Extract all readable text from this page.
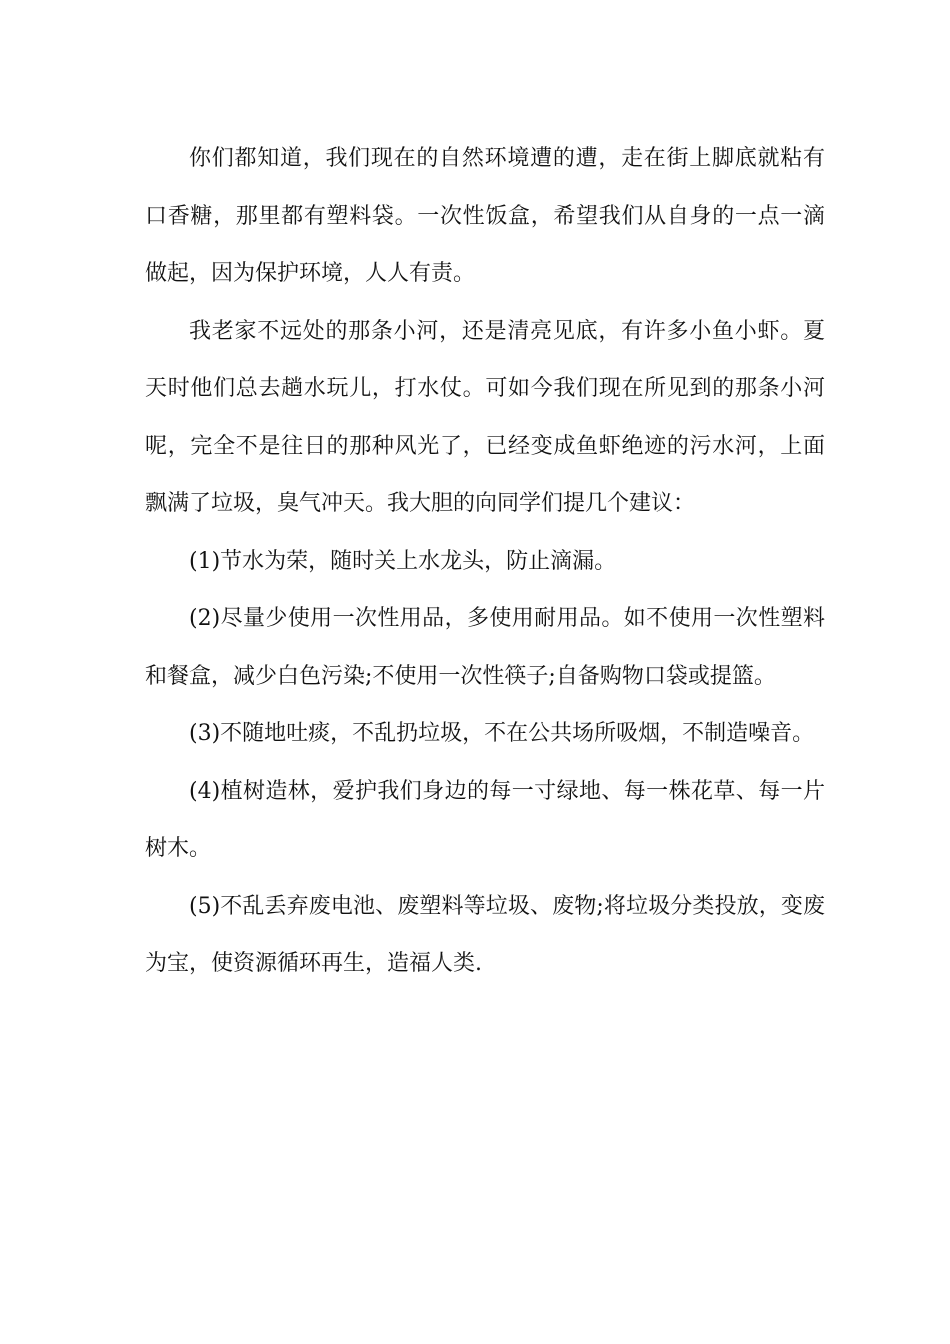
你们都知道，我们现在的自然环境遭的遭，走在街上脚底就粘有口香糖，那里都有塑料袋。一次性饭盒，希望我们从自身的一点一滴做起，因为保护环境，人人有责。

我老家不远处的那条小河，还是清亮见底，有许多小鱼小虾。夏天时他们总去趟水玩儿，打水仗。可如今我们现在所见到的那条小河呢，完全不是往日的那种风光了，已经变成鱼虾绝迹的污水河，上面飘满了垃圾，臭气冲天。我大胆的向同学们提几个建议：

(1)节水为荣，随时关上水龙头，防止滴漏。

(2)尽量少使用一次性用品，多使用耐用品。如不使用一次性塑料和餐盒，减少白色污染;不使用一次性筷子;自备购物口袋或提篮。

(3)不随地吐痰，不乱扔垃圾，不在公共场所吸烟，不制造噪音。

(4)植树造林，爱护我们身边的每一寸绿地、每一株花草、每一片树木。

(5)不乱丢弃废电池、废塑料等垃圾、废物;将垃圾分类投放，变废为宝，使资源循环再生，造福人类.
